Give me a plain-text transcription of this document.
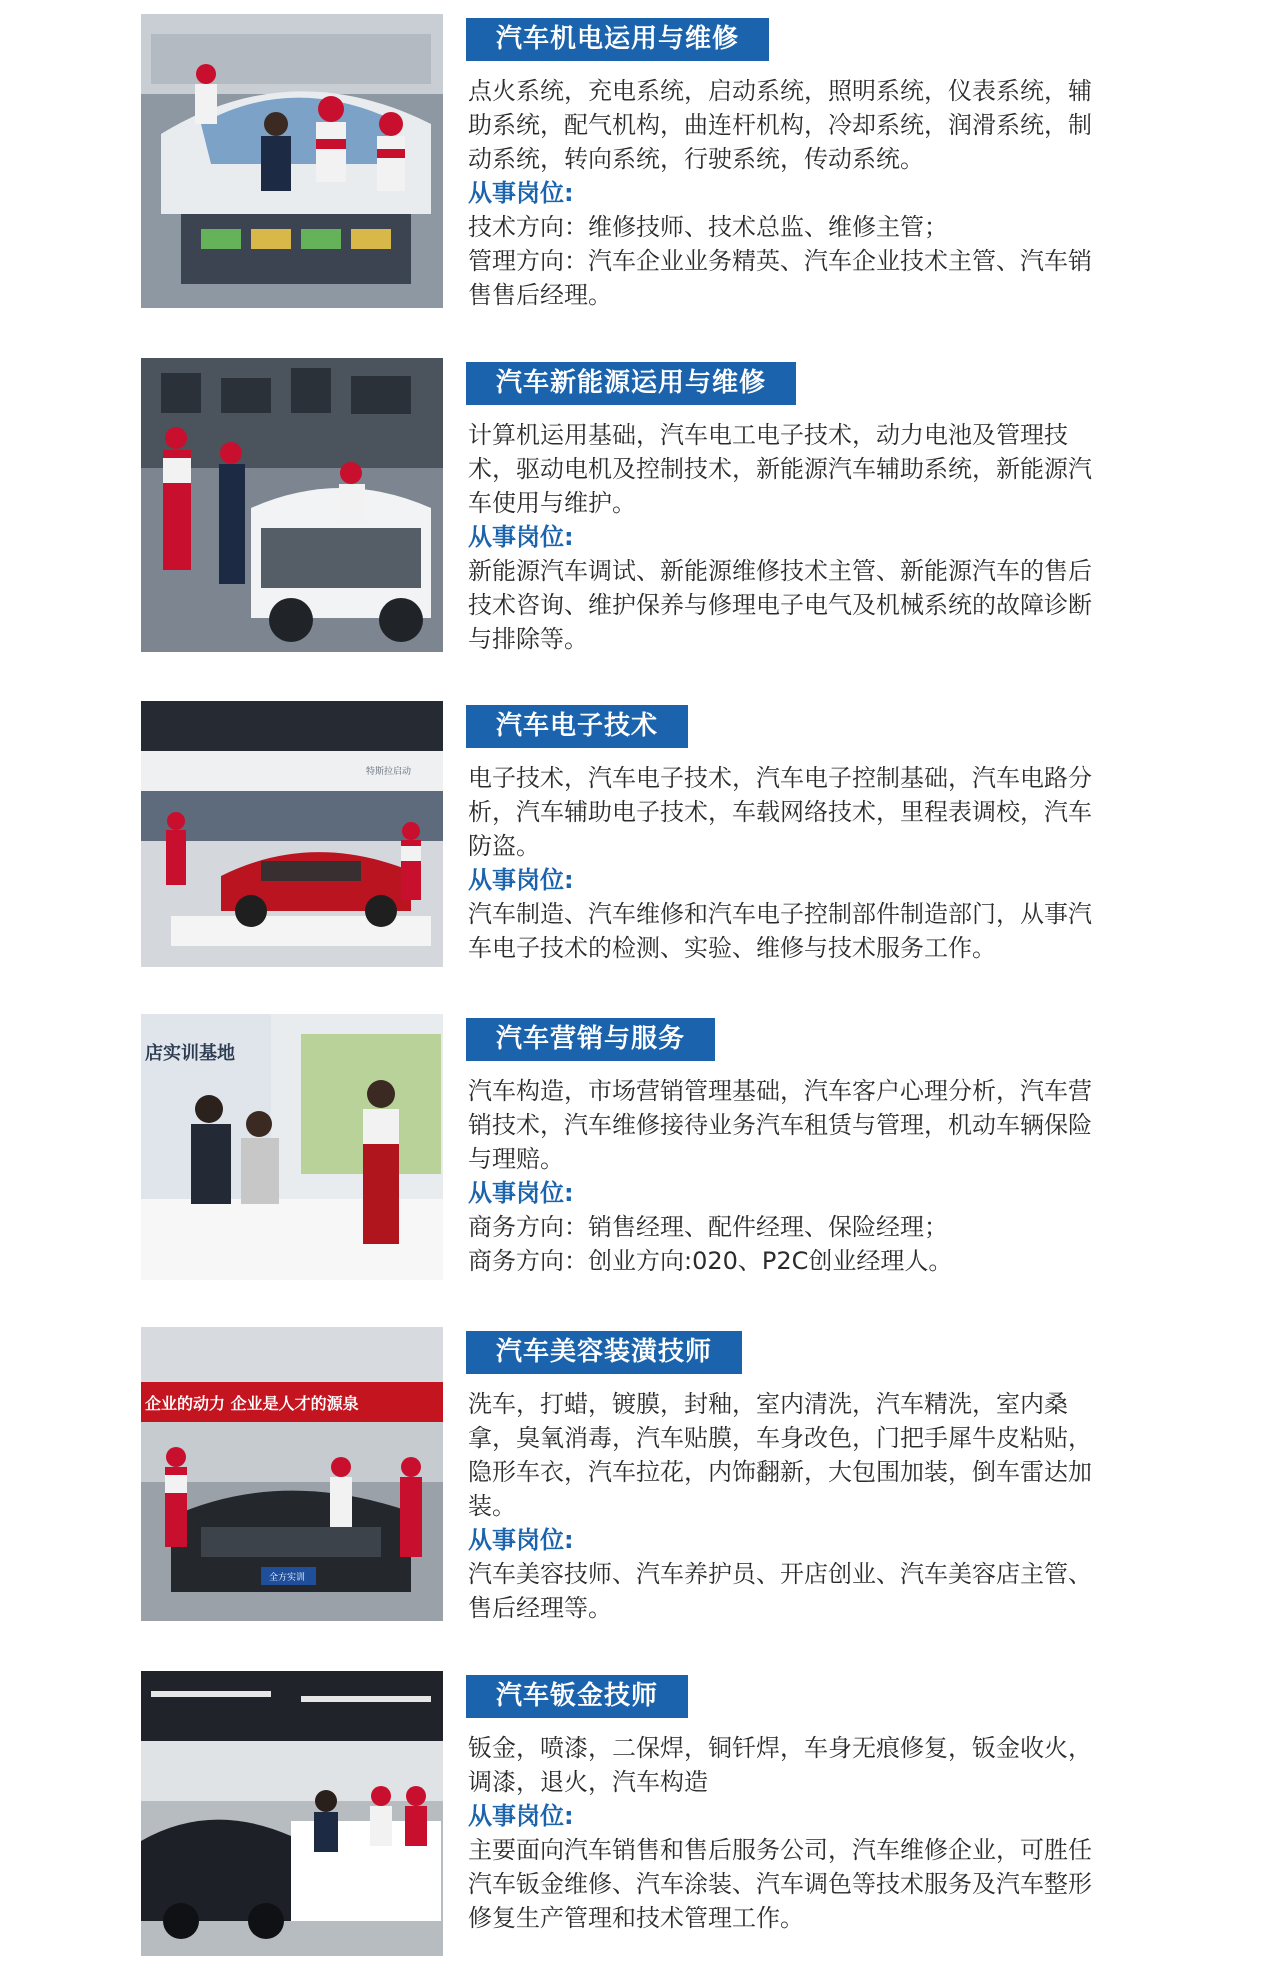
汽车机电运用与维修

点火系统，充电系统，启动系统，照明系统，仪表系统，辅助系统，配气机构，曲连杆机构，冷却系统，润滑系统，制动系统，转向系统，行驶系统，传动系统。

从事岗位:

技术方向：维修技师、技术总监、维修主管；

管理方向：汽车企业业务精英、汽车企业技术主管、汽车销售售后经理。

汽车新能源运用与维修

计算机运用基础，汽车电工电子技术，动力电池及管理技术，驱动电机及控制技术，新能源汽车辅助系统，新能源汽车使用与维护。

从事岗位:

新能源汽车调试、新能源维修技术主管、新能源汽车的售后技术咨询、维护保养与修理电子电气及机械系统的故障诊断与排除等。

特斯拉启动
汽车电子技术

电子技术，汽车电子技术，汽车电子控制基础，汽车电路分析，汽车辅助电子技术，车载网络技术，里程表调校，汽车防盗。

从事岗位:

汽车制造、汽车维修和汽车电子控制部件制造部门，从事汽车电子技术的检测、实验、维修与技术服务工作。

店实训基地	汽车营销与服务

汽车构造，市场营销管理基础，汽车客户心理分析，汽车营销技术，汽车维修接待业务汽车租赁与管理，机动车辆保险与理赔。

从事岗位:

商务方向：销售经理、配件经理、保险经理；

商务方向：创业方向:020、P2C创业经理人。

企业的动力 企业是人才的源泉
全方实训
汽车美容装潢技师

洗车，打蜡，镀膜，封釉，室内清洗，汽车精洗，室内桑拿，臭氧消毒，汽车贴膜，车身改色，门把手犀牛皮粘贴，隐形车衣，汽车拉花，内饰翻新，大包围加装，倒车雷达加装。

从事岗位:

汽车美容技师、汽车养护员、开店创业、汽车美容店主管、售后经理等。

汽车钣金技师

钣金，喷漆，二保焊，铜钎焊，车身无痕修复，钣金收火，调漆，退火，汽车构造

从事岗位:

主要面向汽车销售和售后服务公司，汽车维修企业，可胜任汽车钣金维修、汽车涂装、汽车调色等技术服务及汽车整形修复生产管理和技术管理工作。
